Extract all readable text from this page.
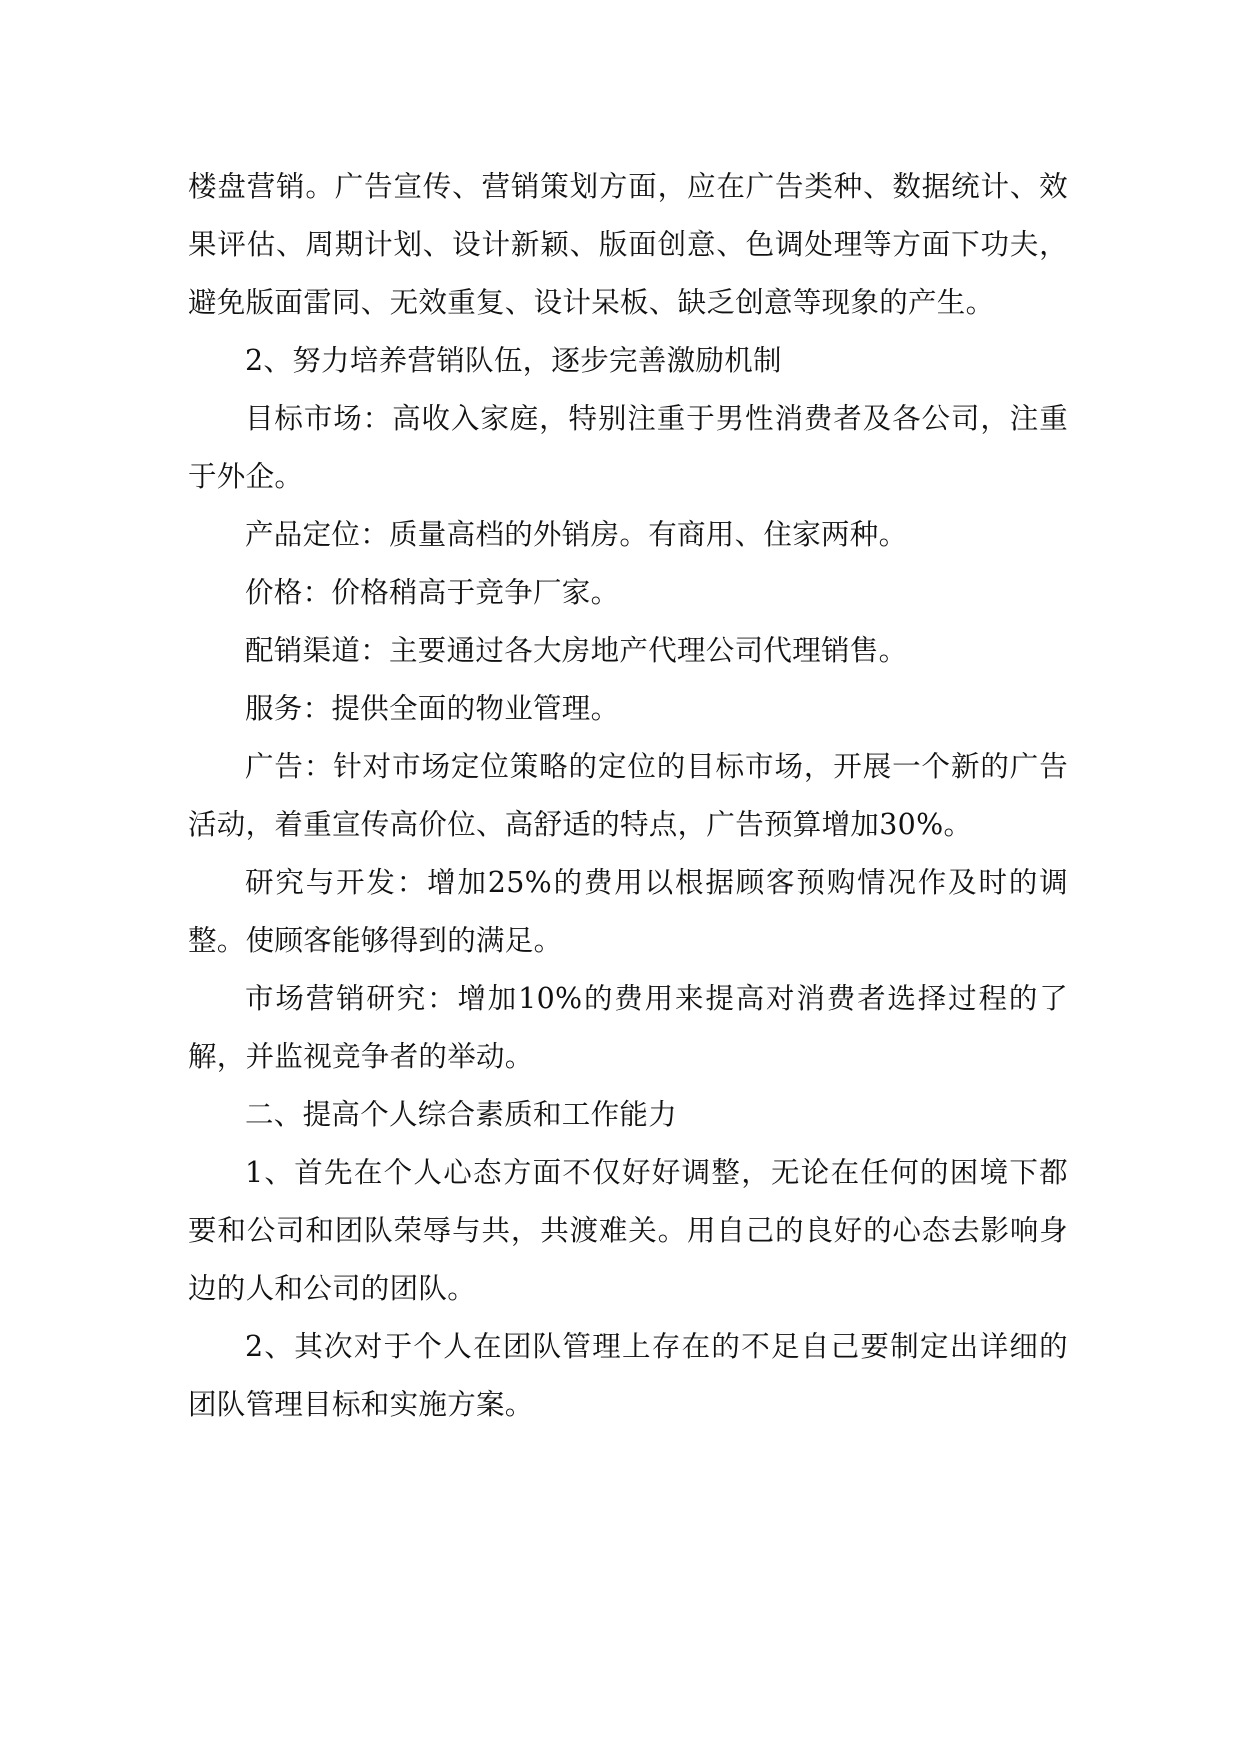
楼盘营销。广告宣传、营销策划方面，应在广告类种、数据统计、效果评估、周期计划、设计新颖、版面创意、色调处理等方面下功夫，避免版面雷同、无效重复、设计呆板、缺乏创意等现象的产生。

2、努力培养营销队伍，逐步完善激励机制

目标市场：高收入家庭，特别注重于男性消费者及各公司，注重于外企。

产品定位：质量高档的外销房。有商用、住家两种。

价格：价格稍高于竞争厂家。

配销渠道：主要通过各大房地产代理公司代理销售。

服务：提供全面的物业管理。

广告：针对市场定位策略的定位的目标市场，开展一个新的广告活动，着重宣传高价位、高舒适的特点，广告预算增加30%。

研究与开发：增加25%的费用以根据顾客预购情况作及时的调整。使顾客能够得到的满足。

市场营销研究：增加10%的费用来提高对消费者选择过程的了解，并监视竞争者的举动。

二、提高个人综合素质和工作能力

1、首先在个人心态方面不仅好好调整，无论在任何的困境下都要和公司和团队荣辱与共，共渡难关。用自己的良好的心态去影响身边的人和公司的团队。

2、其次对于个人在团队管理上存在的不足自己要制定出详细的团队管理目标和实施方案。
